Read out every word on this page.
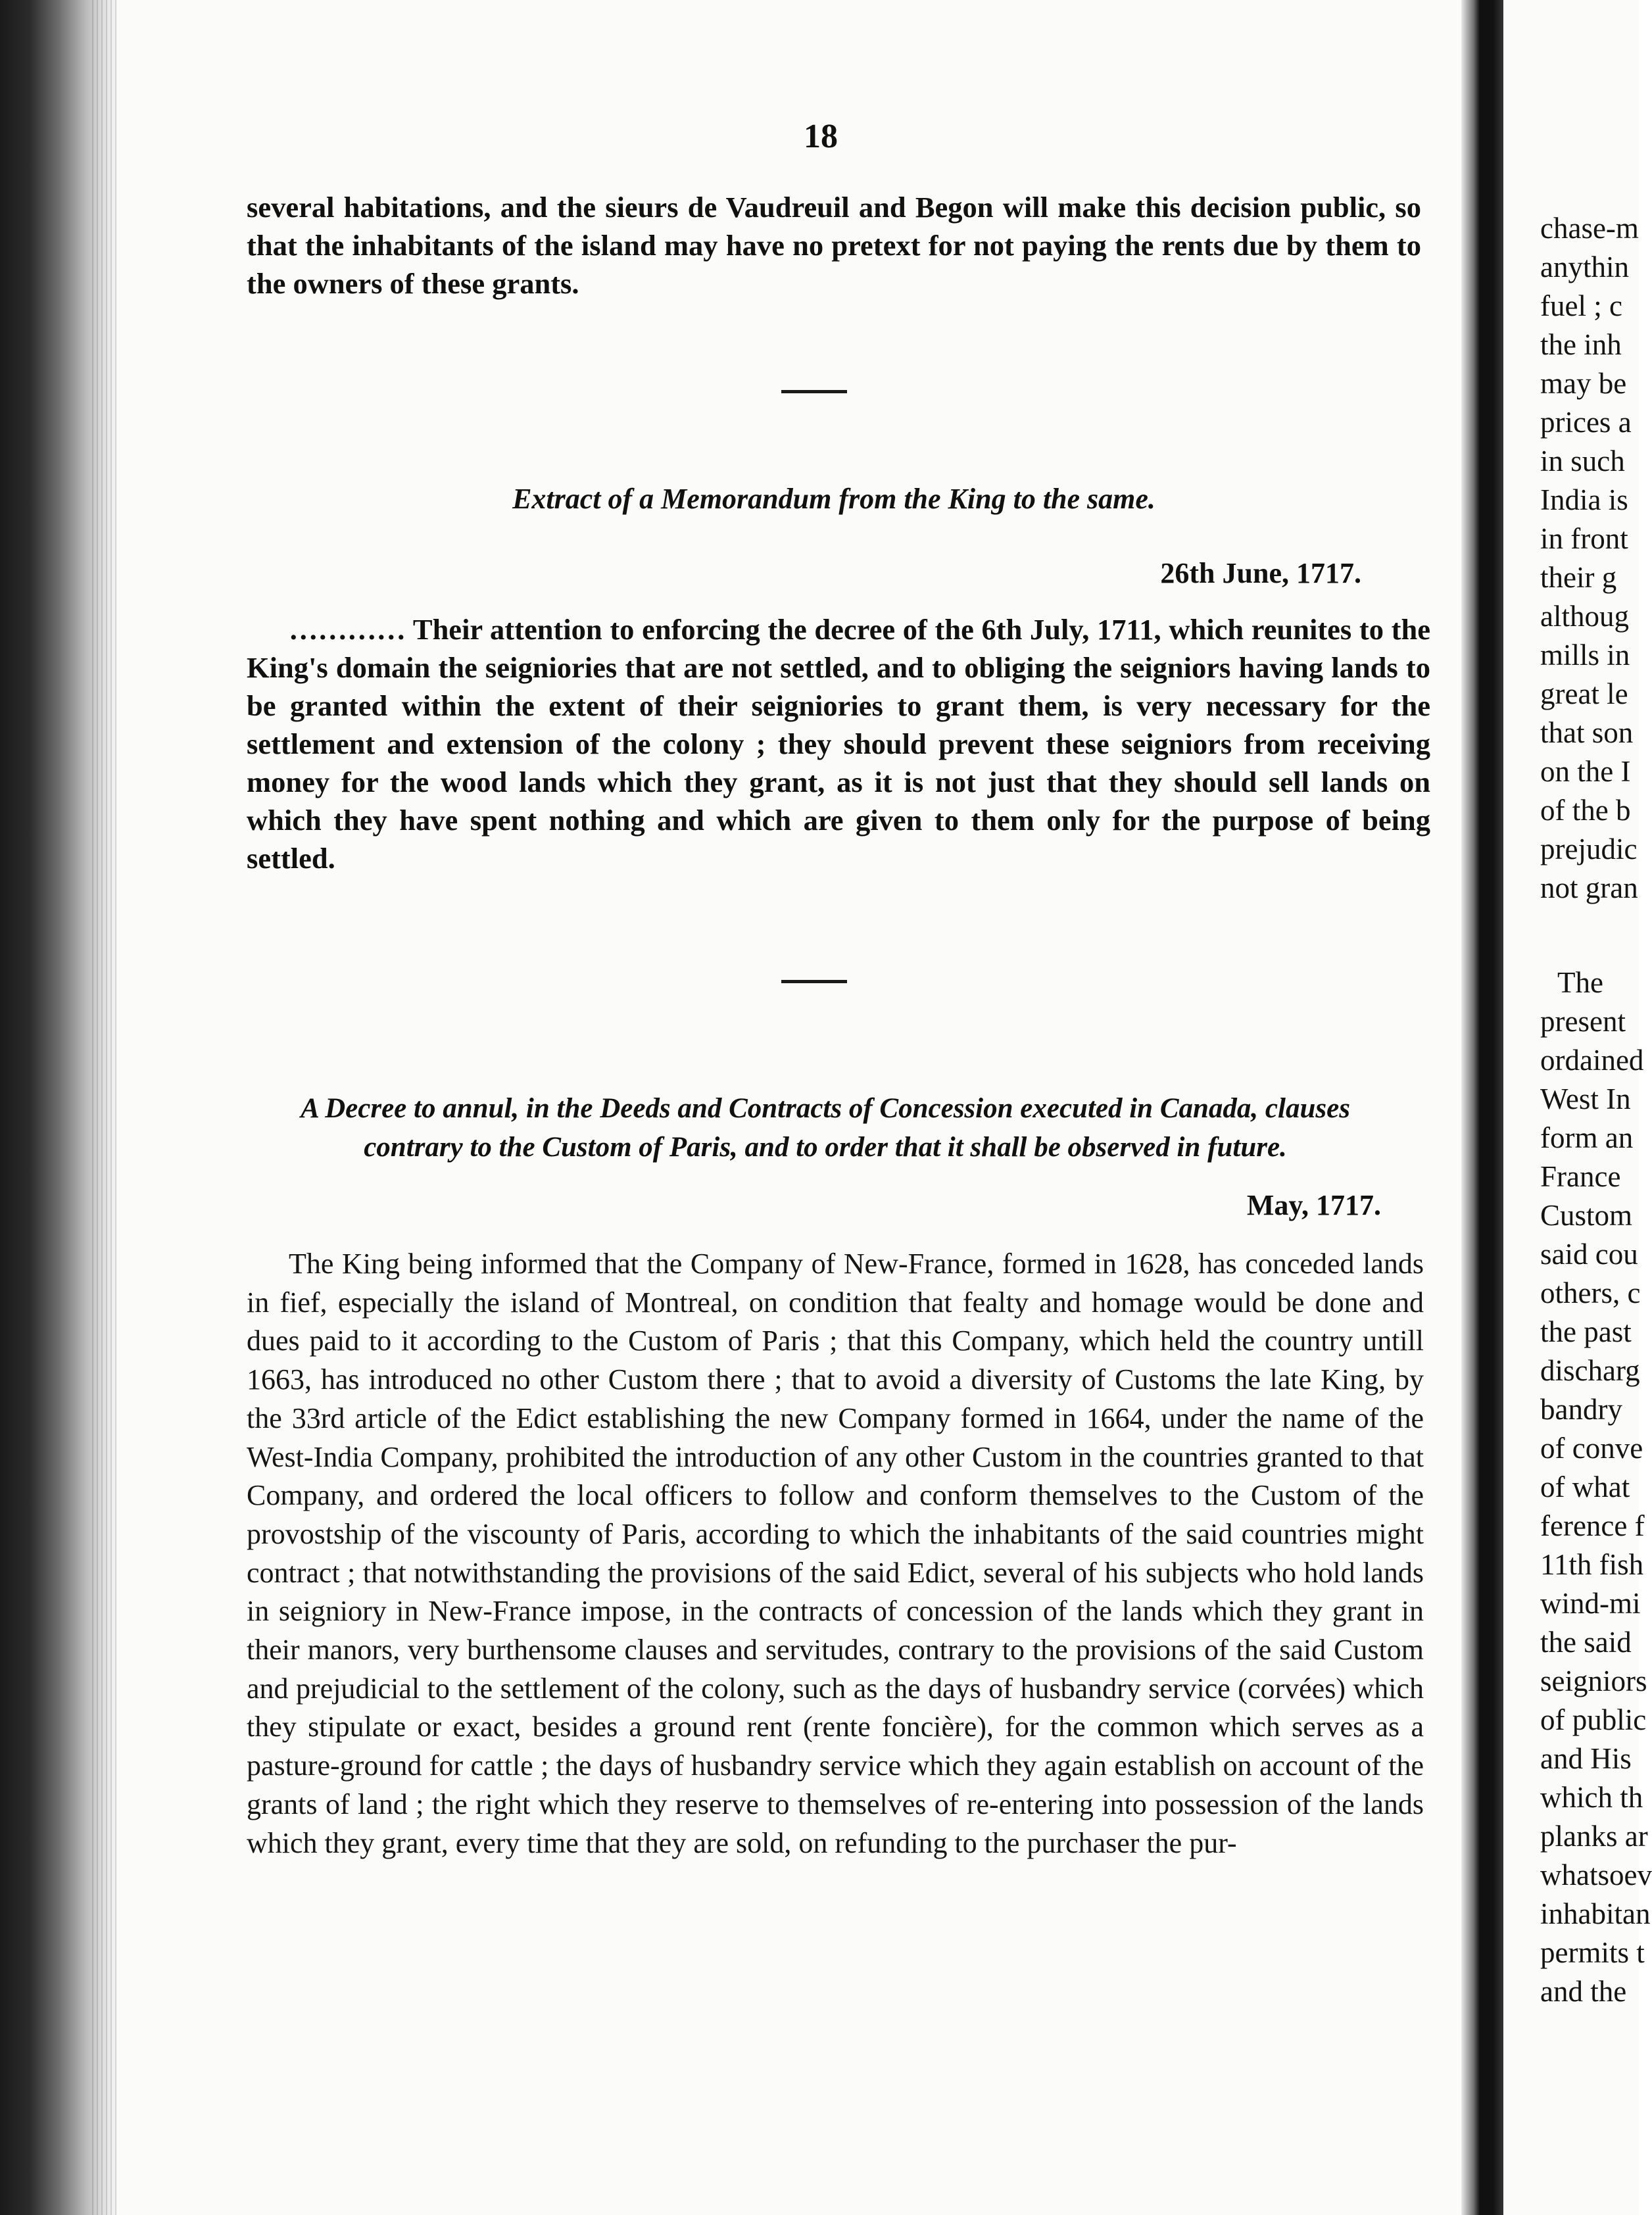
chase-m
anythin
fuel ; c
the inh
may be
prices a
in such
India is
in front
their g
althoug
mills in
great le
that son
on the I
of the b
prejudic
not gran
The
present
ordained
West In
form an
France
Custom
said cou
others, c
the past
discharg
bandry
of conve
of what
ference f
11th fish
wind-mi
the said
seigniors
of public
and His
which th
planks ar
whatsoev
inhabitan
permits t
and the
18

several habitations, and the sieurs de Vaudreuil and Begon will make this decision public, so that the inhabitants of the island may have no pretext for not paying the rents due by them to the owners of these grants.

Extract of a Memorandum from the King to the same.
26th June, 1717.

………… Their attention to enforcing the decree of the 6th July, 1711, which reunites to the King's domain the seigniories that are not settled, and to obliging the seigniors having lands to be granted within the extent of their seigniories to grant them, is very necessary for the settlement and extension of the colony ; they should prevent these seigniors from receiving money for the wood lands which they grant, as it is not just that they should sell lands on which they have spent nothing and which are given to them only for the purpose of being settled.

A Decree to annul, in the Deeds and Contracts of Concession executed in Canada, clauses
contrary to the Custom of Paris, and to order that it shall be observed in future.
May, 1717.

The King being informed that the Company of New-France, formed in 1628, has conceded lands in fief, especially the island of Montreal, on condition that fealty and homage would be done and dues paid to it according to the Custom of Paris ; that this Company, which held the country untill 1663, has introduced no other Custom there ; that to avoid a diversity of Customs the late King, by the 33rd article of the Edict establishing the new Company formed in 1664, under the name of the West-India Company, prohibited the introduction of any other Custom in the countries granted to that Company, and ordered the local officers to follow and conform themselves to the Custom of the provostship of the viscounty of Paris, according to which the inhabitants of the said countries might contract ; that notwithstanding the provisions of the said Edict, several of his subjects who hold lands in seigniory in New-France impose, in the contracts of concession of the lands which they grant in their manors, very burthensome clauses and servitudes, contrary to the provisions of the said Custom and prejudicial to the settlement of the colony, such as the days of husbandry service (corvées) which they stipulate or exact, besides a ground rent (rente foncière), for the common which serves as a pasture-ground for cattle ; the days of husbandry service which they again establish on account of the grants of land ; the right which they reserve to themselves of re-entering into possession of the lands which they grant, every time that they are sold, on refunding to the purchaser the pur-
